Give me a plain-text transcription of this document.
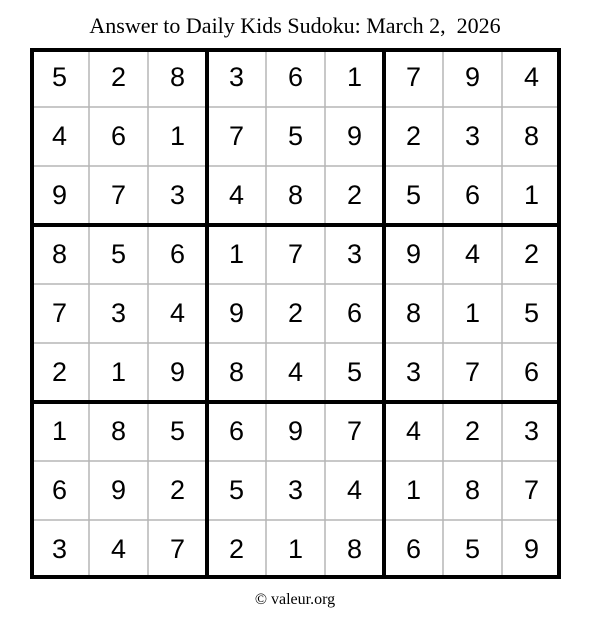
Answer to Daily Kids Sudoku: March 2,  2026
5	2	8	3	6	1	7	9	4
4	6	1	7	5	9	2	3	8
9	7	3	4	8	2	5	6	1
8	5	6	1	7	3	9	4	2
7	3	4	9	2	6	8	1	5
2	1	9	8	4	5	3	7	6
1	8	5	6	9	7	4	2	3
6	9	2	5	3	4	1	8	7
3	4	7	2	1	8	6	5	9
© valeur.org
